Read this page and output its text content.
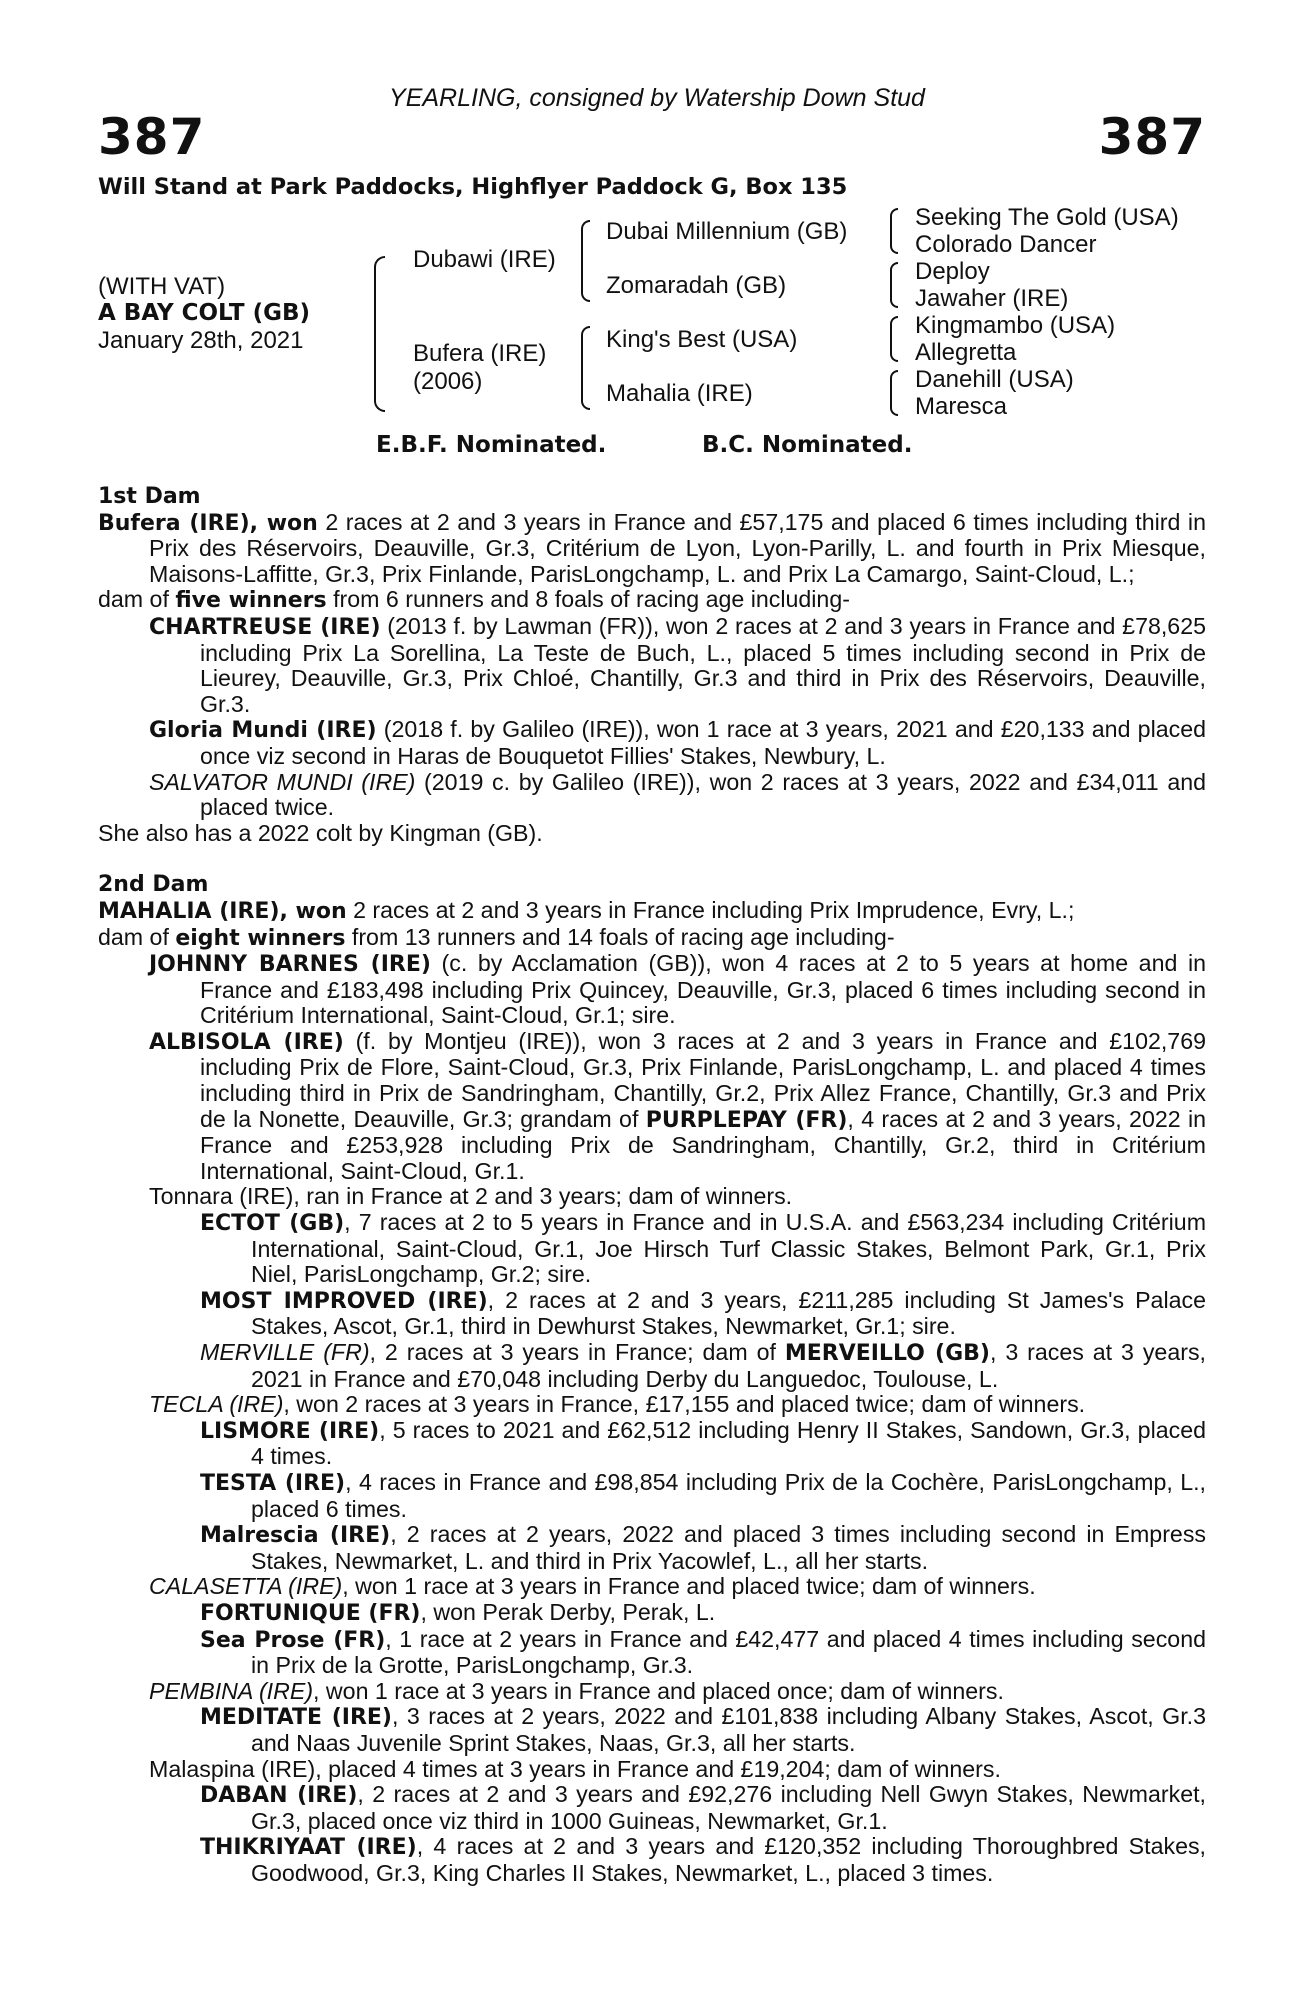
YEARLING, consigned by Watership Down Stud
387	387
Will Stand at Park Paddocks, Highflyer Paddock G, Box 135
(WITH VAT)
A BAY COLT (GB)
January 28th, 2021
Dubawi (IRE)
Bufera (IRE)
(2006)
Dubai Millennium (GB)
Zomaradah (GB)
King's Best (USA)
Mahalia (IRE)
Seeking The Gold (USA)
Colorado Dancer
Deploy
Jawaher (IRE)
Kingmambo (USA)
Allegretta
Danehill (USA)
Maresca
E.B.F. Nominated.	B.C. Nominated.

1st Dam

Bufera (IRE), won 2 races at 2 and 3 years in France and £57,175 and placed 6 times including third in Prix des Réservoirs, Deauville, Gr.3, Critérium de Lyon, Lyon-Parilly, L. and fourth in Prix Miesque, Maisons-Laffitte, Gr.3, Prix Finlande, ParisLongchamp, L. and Prix La Camargo, Saint-Cloud, L.;

dam of five winners from 6 runners and 8 foals of racing age including-

CHARTREUSE (IRE) (2013 f. by Lawman (FR)), won 2 races at 2 and 3 years in France and £78,625 including Prix La Sorellina, La Teste de Buch, L., placed 5 times including second in Prix de Lieurey, Deauville, Gr.3, Prix Chloé, Chantilly, Gr.3 and third in Prix des Réservoirs, Deauville, Gr.3.

Gloria Mundi (IRE) (2018 f. by Galileo (IRE)), won 1 race at 3 years, 2021 and £20,133 and placed once viz second in Haras de Bouquetot Fillies' Stakes, Newbury, L.

SALVATOR MUNDI (IRE) (2019 c. by Galileo (IRE)), won 2 races at 3 years, 2022 and £34,011 and placed twice.

She also has a 2022 colt by Kingman (GB).

2nd Dam

MAHALIA (IRE), won 2 races at 2 and 3 years in France including Prix Imprudence, Evry, L.;

dam of eight winners from 13 runners and 14 foals of racing age including-

JOHNNY BARNES (IRE) (c. by Acclamation (GB)), won 4 races at 2 to 5 years at home and in France and £183,498 including Prix Quincey, Deauville, Gr.3, placed 6 times including second in Critérium International, Saint-Cloud, Gr.1; sire.

ALBISOLA (IRE) (f. by Montjeu (IRE)), won 3 races at 2 and 3 years in France and £102,769 including Prix de Flore, Saint-Cloud, Gr.3, Prix Finlande, ParisLongchamp, L. and placed 4 times including third in Prix de Sandringham, Chantilly, Gr.2, Prix Allez France, Chantilly, Gr.3 and Prix de la Nonette, Deauville, Gr.3; grandam of PURPLEPAY (FR), 4 races at 2 and 3 years, 2022 in France and £253,928 including Prix de Sandringham, Chantilly, Gr.2, third in Critérium International, Saint-Cloud, Gr.1.

Tonnara (IRE), ran in France at 2 and 3 years; dam of winners.

ECTOT (GB), 7 races at 2 to 5 years in France and in U.S.A. and £563,234 including Critérium International, Saint-Cloud, Gr.1, Joe Hirsch Turf Classic Stakes, Belmont Park, Gr.1, Prix Niel, ParisLongchamp, Gr.2; sire.

MOST IMPROVED (IRE), 2 races at 2 and 3 years, £211,285 including St James's Palace Stakes, Ascot, Gr.1, third in Dewhurst Stakes, Newmarket, Gr.1; sire.

MERVILLE (FR), 2 races at 3 years in France; dam of MERVEILLO (GB), 3 races at 3 years, 2021 in France and £70,048 including Derby du Languedoc, Toulouse, L.

TECLA (IRE), won 2 races at 3 years in France, £17,155 and placed twice; dam of winners.

LISMORE (IRE), 5 races to 2021 and £62,512 including Henry II Stakes, Sandown, Gr.3, placed 4 times.

TESTA (IRE), 4 races in France and £98,854 including Prix de la Cochère, ParisLongchamp, L., placed 6 times.

Malrescia (IRE), 2 races at 2 years, 2022 and placed 3 times including second in Empress Stakes, Newmarket, L. and third in Prix Yacowlef, L., all her starts.

CALASETTA (IRE), won 1 race at 3 years in France and placed twice; dam of winners.

FORTUNIQUE (FR), won Perak Derby, Perak, L.

Sea Prose (FR), 1 race at 2 years in France and £42,477 and placed 4 times including second in Prix de la Grotte, ParisLongchamp, Gr.3.

PEMBINA (IRE), won 1 race at 3 years in France and placed once; dam of winners.

MEDITATE (IRE), 3 races at 2 years, 2022 and £101,838 including Albany Stakes, Ascot, Gr.3 and Naas Juvenile Sprint Stakes, Naas, Gr.3, all her starts.

Malaspina (IRE), placed 4 times at 3 years in France and £19,204; dam of winners.

DABAN (IRE), 2 races at 2 and 3 years and £92,276 including Nell Gwyn Stakes, Newmarket, Gr.3, placed once viz third in 1000 Guineas, Newmarket, Gr.1.

THIKRIYAAT (IRE), 4 races at 2 and 3 years and £120,352 including Thoroughbred Stakes, Goodwood, Gr.3, King Charles II Stakes, Newmarket, L., placed 3 times.
